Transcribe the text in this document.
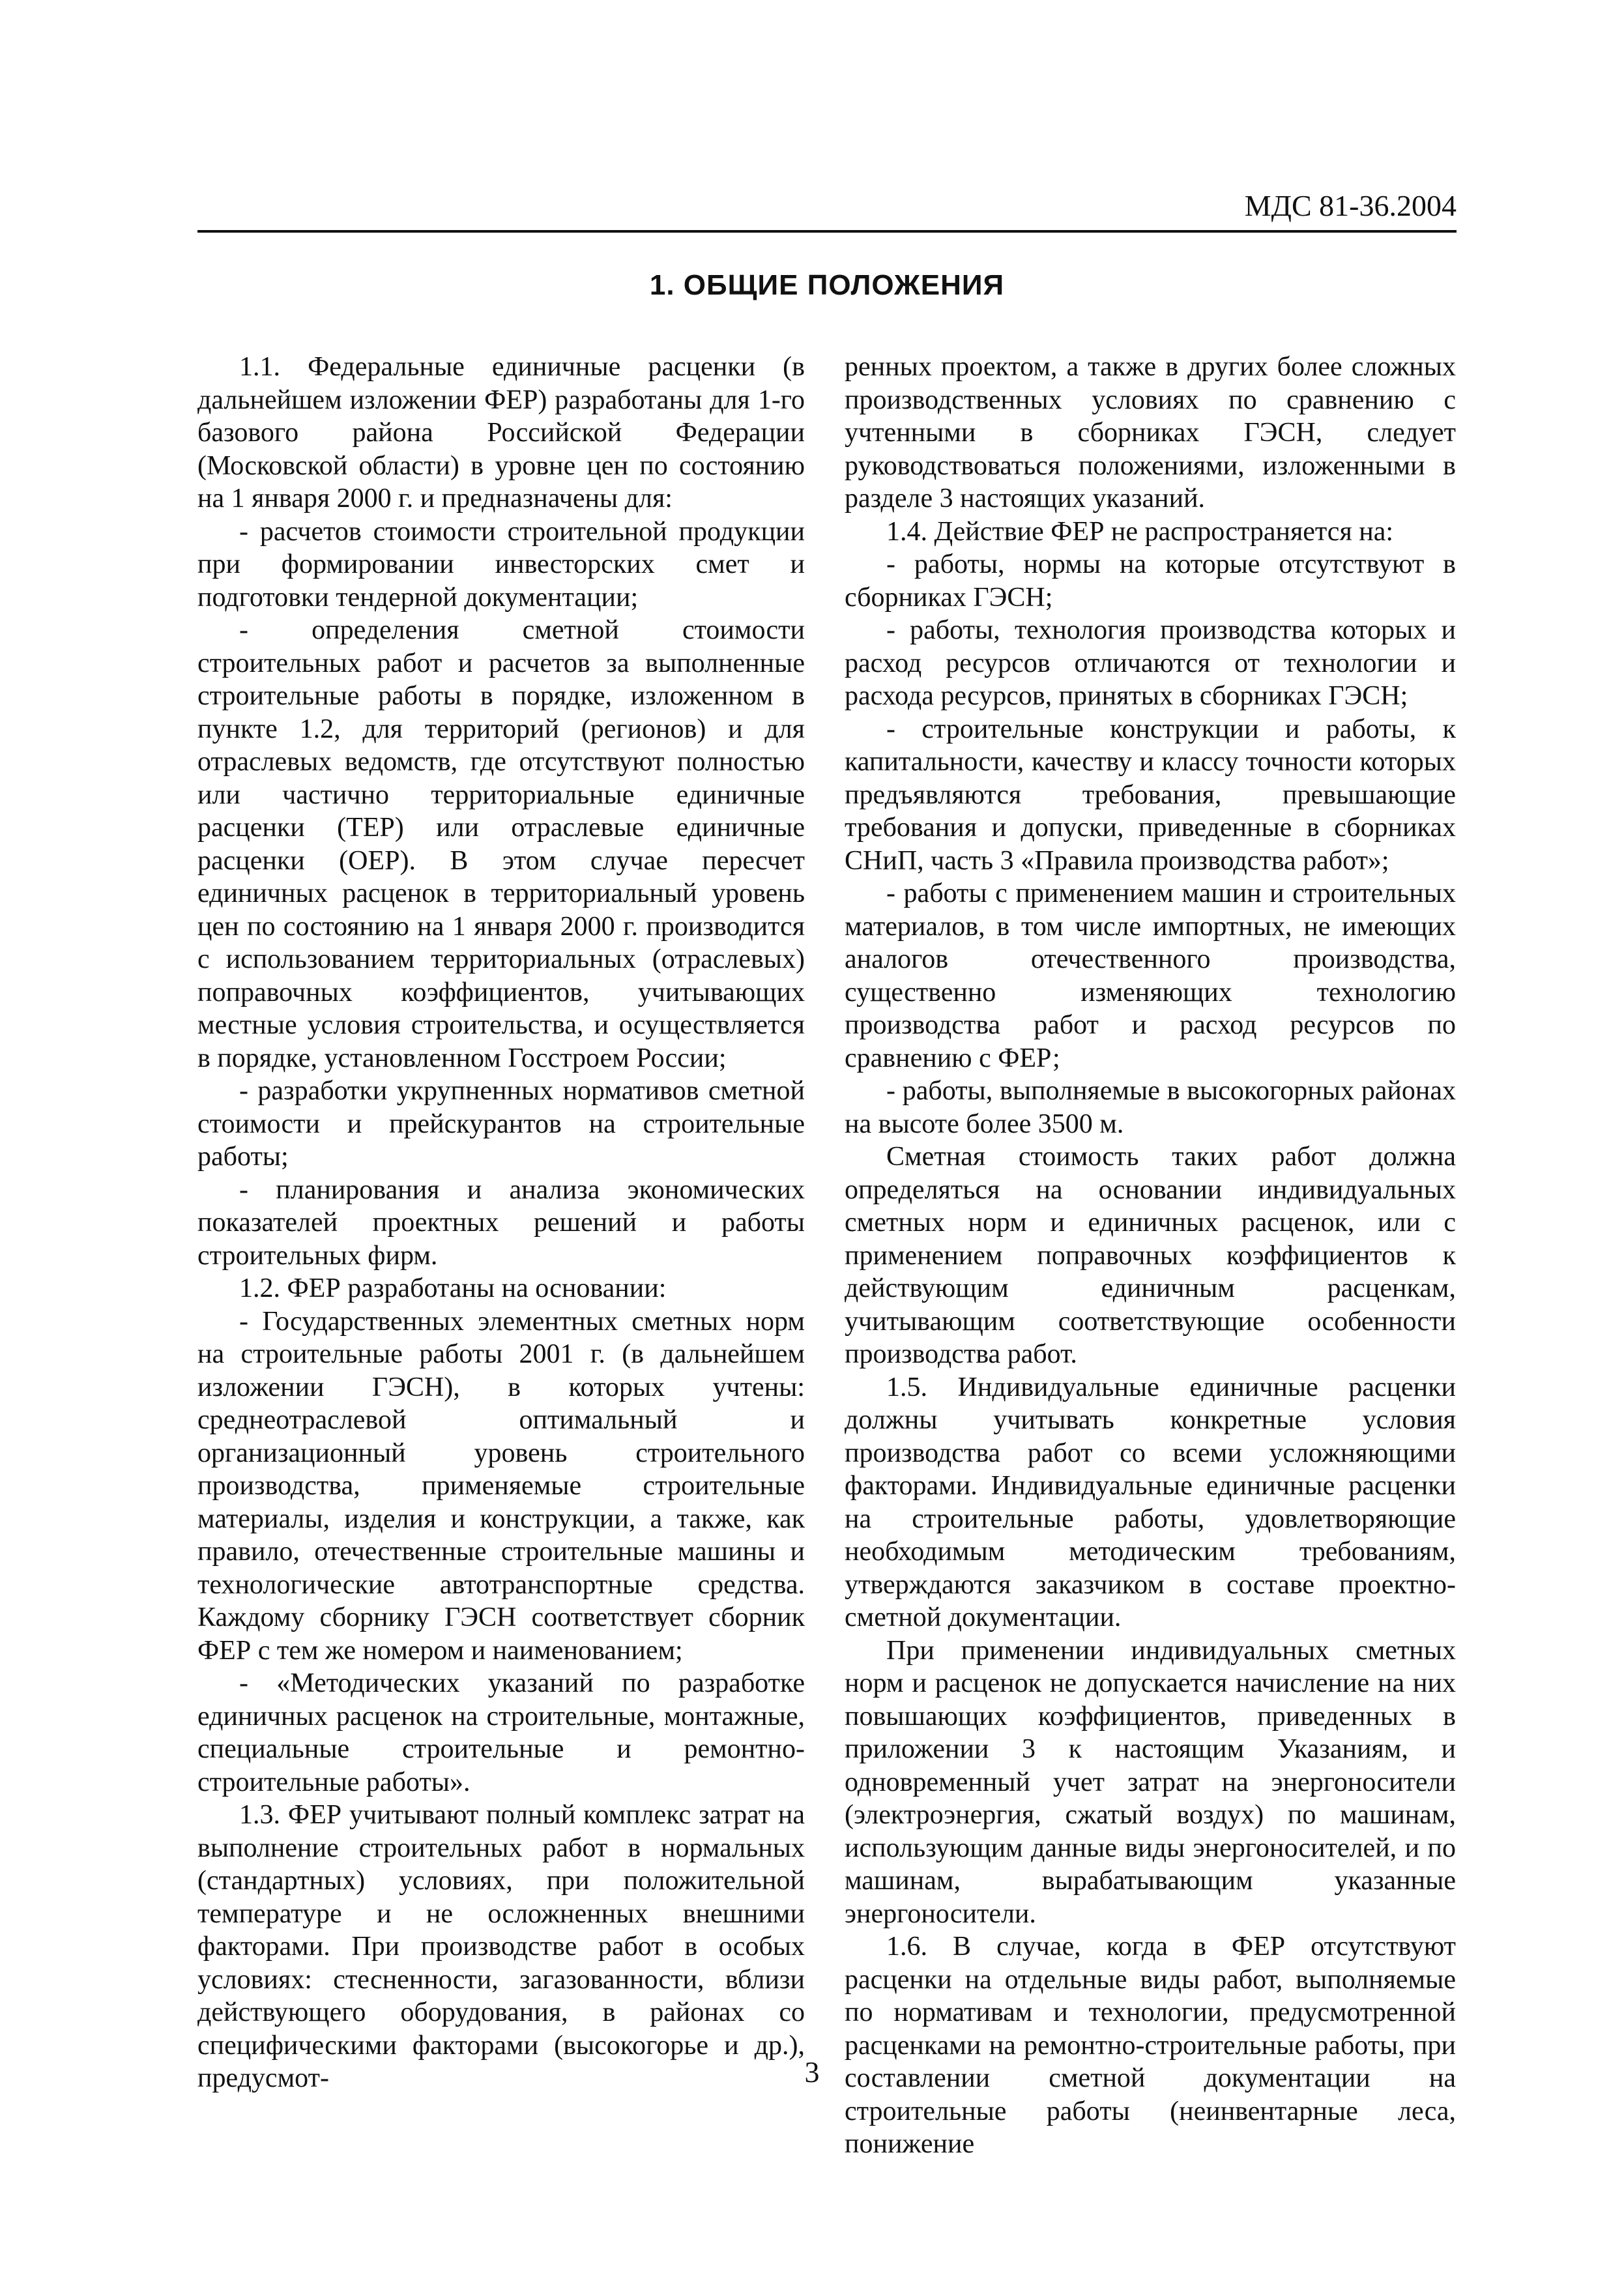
МДС 81-36.2004
1. ОБЩИЕ ПОЛОЖЕНИЯ

1.1. Федеральные единичные расценки (в дальнейшем изложении ФЕР) разработаны для 1-го базового района Российской Федерации (Московской области) в уровне цен по состоянию на 1 января 2000 г. и предназначены для:

- расчетов стоимости строительной продукции при формировании инвесторских смет и подготовки тендерной документации;

- определения сметной стоимости строительных работ и расчетов за выполненные строительные работы в порядке, изложенном в пункте 1.2, для территорий (регионов) и для отраслевых ведомств, где отсутствуют полностью или частично территориальные единичные расценки (ТЕР) или отраслевые единичные расценки (ОЕР). В этом случае пересчет единичных расценок в территориальный уровень цен по состоянию на 1 января 2000 г. производится с использованием территориальных (отраслевых) поправочных коэффициентов, учитывающих местные условия строительства, и осуществляется в порядке, установленном Госстроем России;

- разработки укрупненных нормативов сметной стоимости и прейскурантов на строительные работы;

- планирования и анализа экономических показателей проектных решений и работы строительных фирм.

1.2. ФЕР разработаны на основании:

- Государственных элементных сметных норм на строительные работы 2001 г. (в дальнейшем изложении ГЭСН), в которых учтены: среднеотраслевой оптимальный и организационный уровень строительного производства, применяемые строительные материалы, изделия и конструкции, а также, как правило, отечественные строительные машины и технологические автотранспортные средства. Каждому сборнику ГЭСН соответствует сборник ФЕР с тем же номером и наименованием;

- «Методических указаний по разработке единичных расценок на строительные, монтажные, специальные строительные и ремонтно-строительные работы».

1.3. ФЕР учитывают полный комплекс затрат на выполнение строительных работ в нормальных (стандартных) условиях, при положительной температуре и не осложненных внешними факторами. При производстве работ в особых условиях: стесненности, загазованности, вблизи действующего оборудования, в районах со специфическими факторами (высокогорье и др.), предусмот-

ренных проектом, а также в других более сложных производственных условиях по сравнению с учтенными в сборниках ГЭСН, следует руководствоваться положениями, изложенными в разделе 3 настоящих указаний.

1.4. Действие ФЕР не распространяется на:

- работы, нормы на которые отсутствуют в сборниках ГЭСН;

- работы, технология производства которых и расход ресурсов отличаются от технологии и расхода ресурсов, принятых в сборниках ГЭСН;

- строительные конструкции и работы, к капитальности, качеству и классу точности которых предъявляются требования, превышающие требования и допуски, приведенные в сборниках СНиП, часть 3 «Правила производства работ»;

- работы с применением машин и строительных материалов, в том числе импортных, не имеющих аналогов отечественного производства, существенно изменяющих технологию производства работ и расход ресурсов по сравнению с ФЕР;

- работы, выполняемые в высокогорных районах на высоте более 3500 м.

Сметная стоимость таких работ должна определяться на основании индивидуальных сметных норм и единичных расценок, или с применением поправочных коэффициентов к действующим единичным расценкам, учитывающим соответствующие особенности производства работ.

1.5. Индивидуальные единичные расценки должны учитывать конкретные условия производства работ со всеми усложняющими факторами. Индивидуальные единичные расценки на строительные работы, удовлетворяющие необходимым методическим требованиям, утверждаются заказчиком в составе проектно-сметной документации.

При применении индивидуальных сметных норм и расценок не допускается начисление на них повышающих коэффициентов, приведенных в приложении 3 к настоящим Указаниям, и одновременный учет затрат на энергоносители (электроэнергия, сжатый воздух) по машинам, использующим данные виды энергоносителей, и по машинам, вырабатывающим указанные энергоносители.

1.6. В случае, когда в ФЕР отсутствуют расценки на отдельные виды работ, выполняемые по нормативам и технологии, предусмотренной расценками на ремонтно-строительные работы, при составлении сметной документации на строительные работы (неинвентарные леса, понижение

3
